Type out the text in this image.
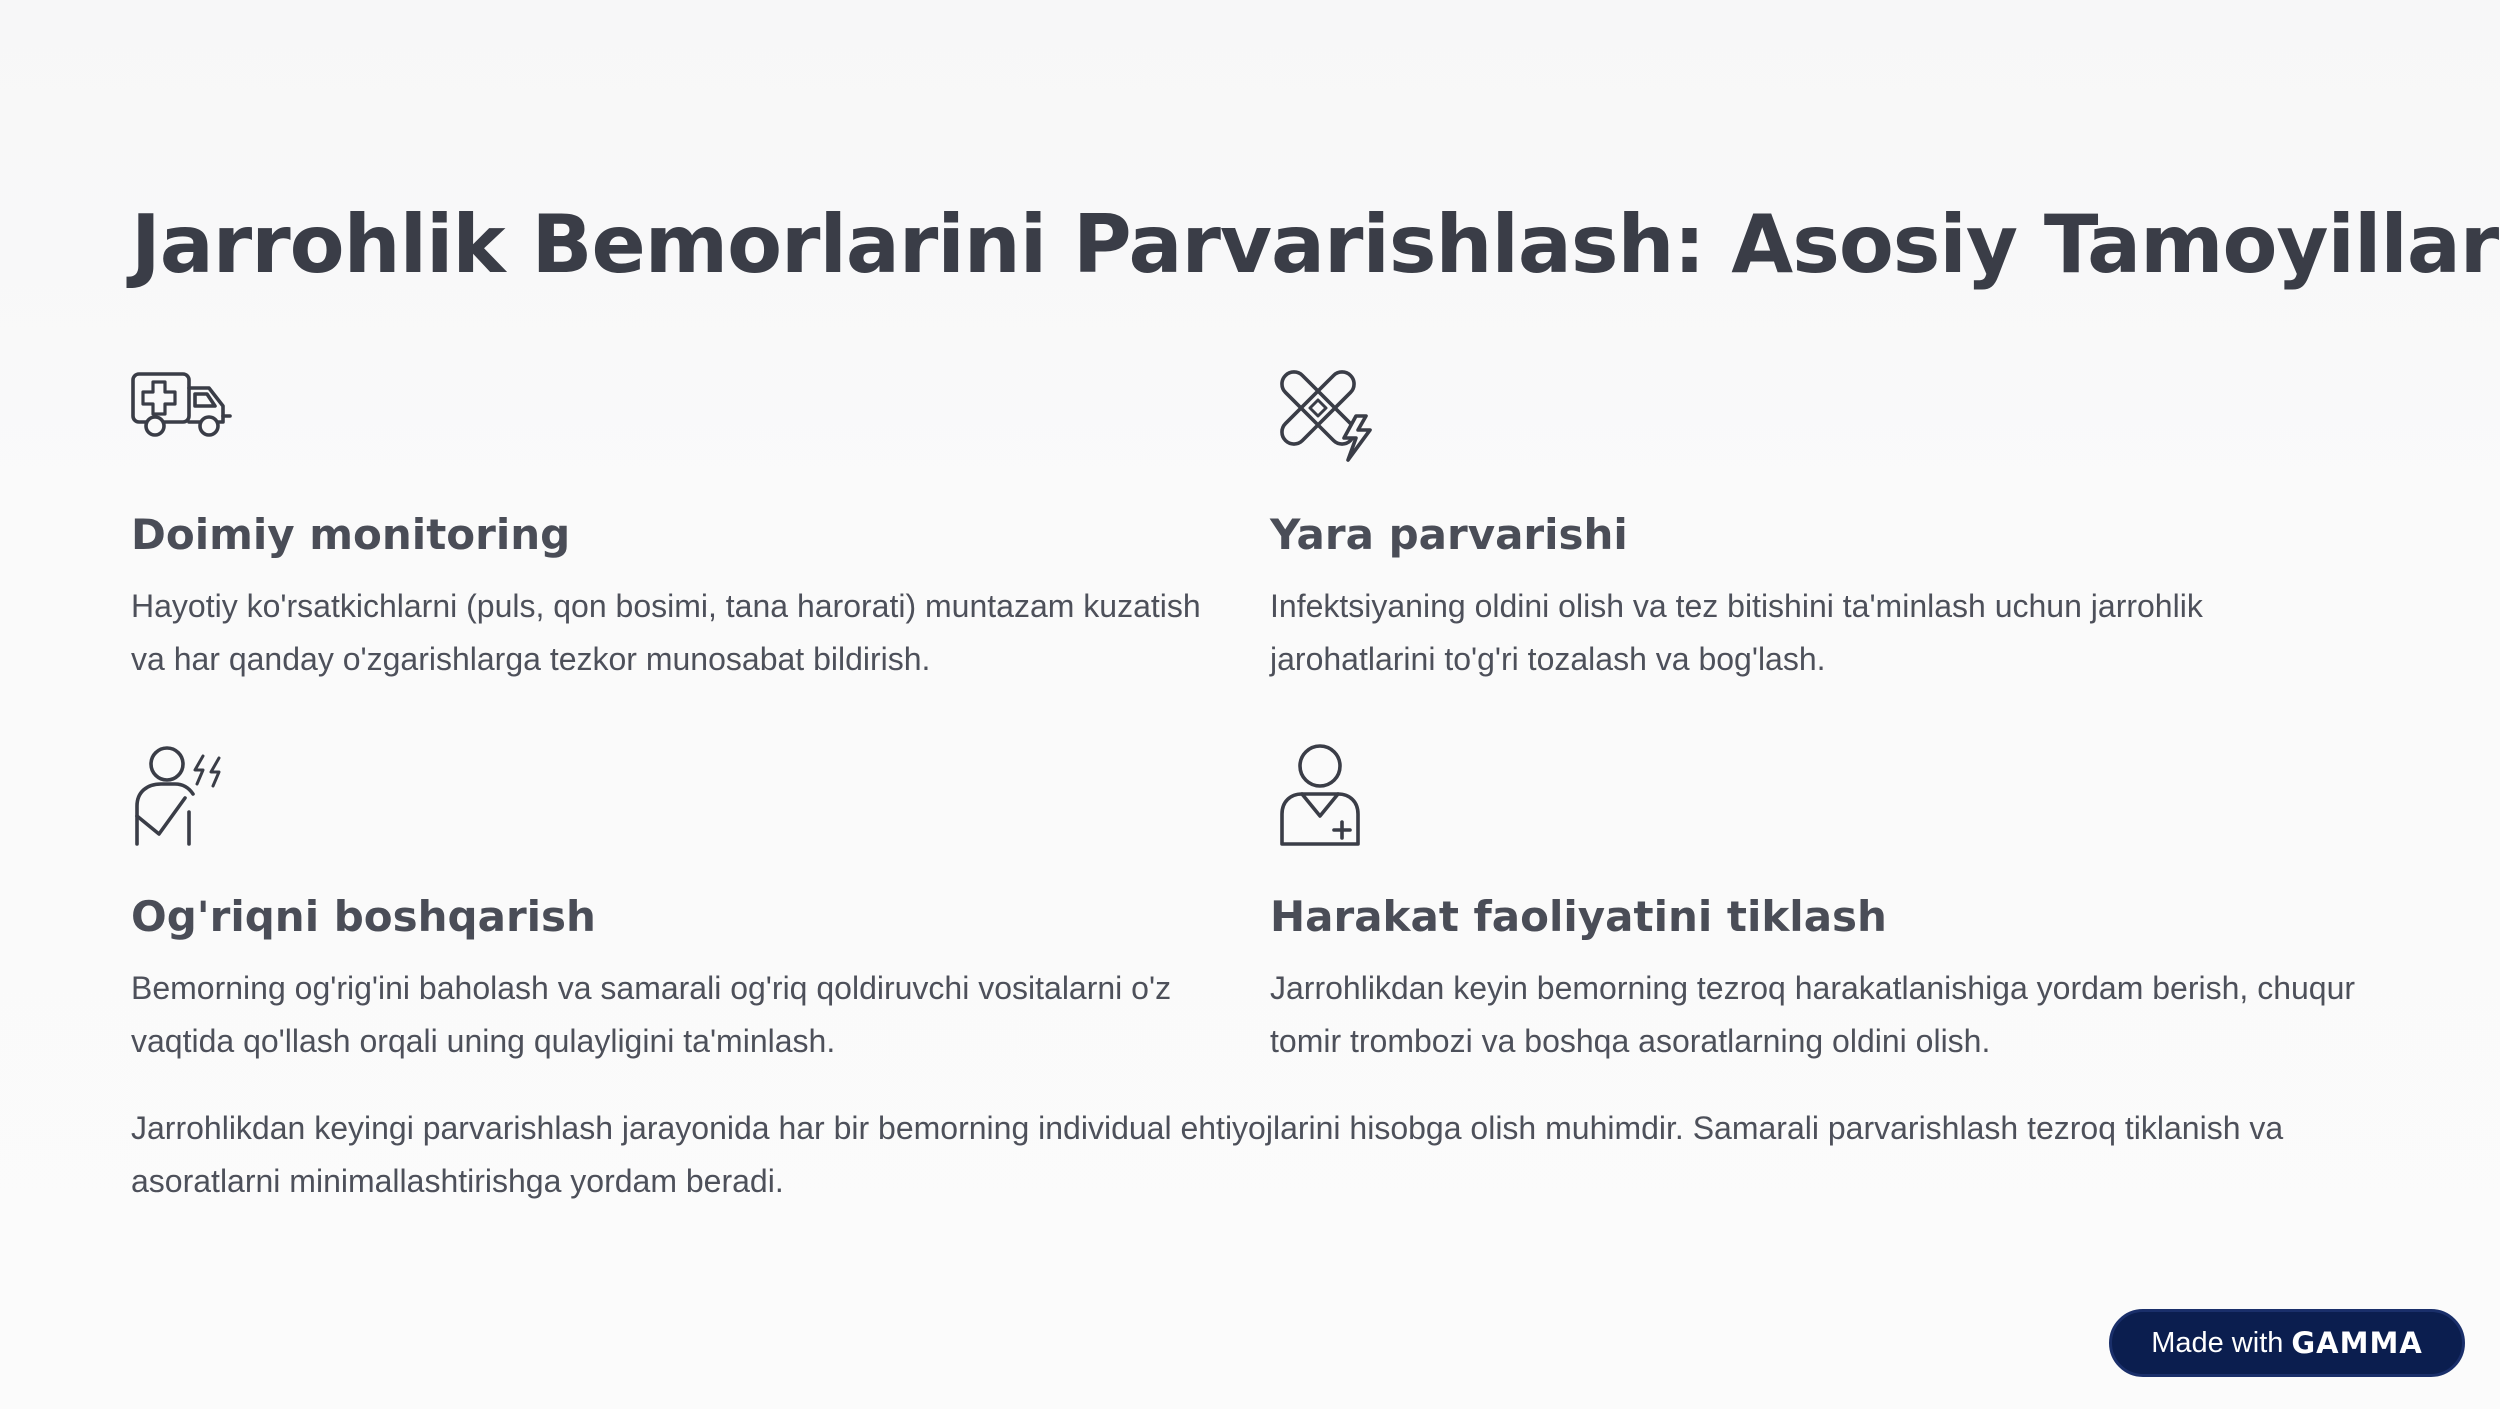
Jarrohlik Bemorlarini Parvarishlash: Asosiy Tamoyillar
Doimiy monitoring

Hayotiy ko'rsatkichlarni (puls, qon bosimi, tana harorati) muntazam kuzatish va har qanday o'zgarishlarga tezkor munosabat bildirish.

Yara parvarishi

Infektsiyaning oldini olish va tez bitishini ta'minlash uchun jarrohlik jarohatlarini to'g'ri tozalash va bog'lash.

Og'riqni boshqarish

Bemorning og'rig'ini baholash va samarali og'riq qoldiruvchi vositalarni o'z vaqtida qo'llash orqali uning qulayligini ta'minlash.

Harakat faoliyatini tiklash

Jarrohlikdan keyin bemorning tezroq harakatlanishiga yordam berish, chuqur tomir trombozi va boshqa asoratlarning oldini olish.

Jarrohlikdan keyingi parvarishlash jarayonida har bir bemorning individual ehtiyojlarini hisobga olish muhimdir. Samarali parvarishlash tezroq tiklanish va asoratlarni minimallashtirishga yordam beradi.

Made with GAMMA
